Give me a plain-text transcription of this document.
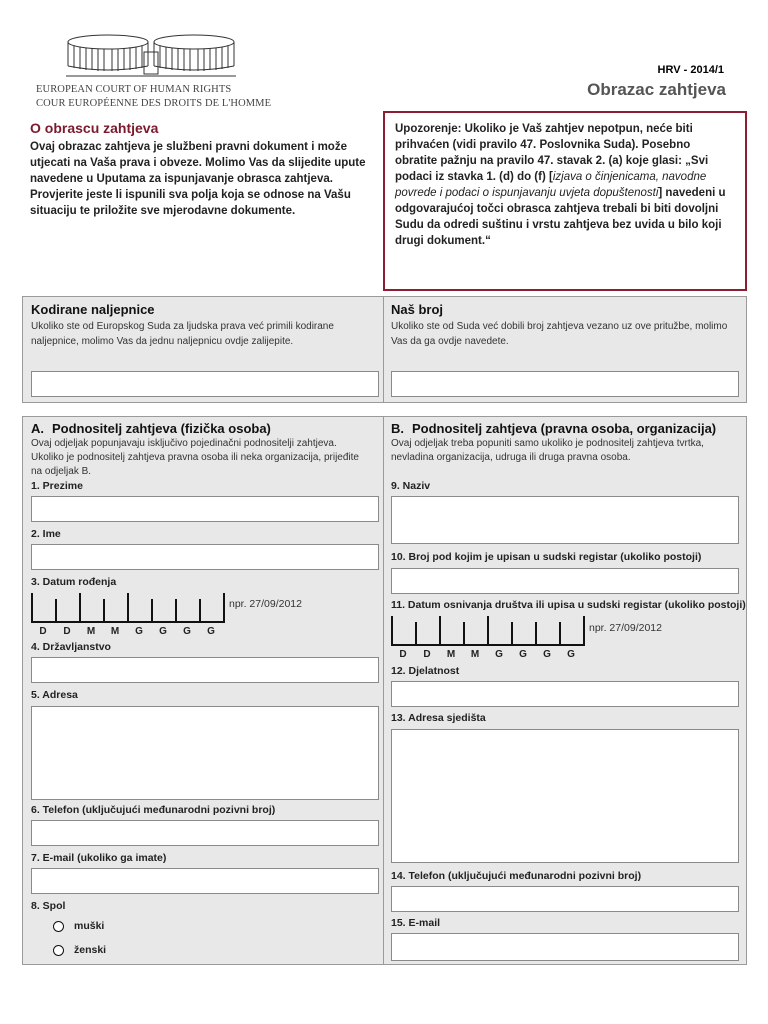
EUROPEAN COURT OF HUMAN RIGHTS
COUR EUROPÉENNE DES DROITS DE L'HOMME
HRV - 2014/1
Obrazac zahtjeva
O obrascu zahtjeva
Ovaj obrazac zahtjeva je službeni pravni dokument i može utjecati na Vaša prava i obveze. Molimo Vas da slijedite upute navedene u Uputama za ispunjavanje obrasca zahtjeva. Provjerite jeste li ispunili sva polja koja se odnose na Vašu situaciju te priložite sve mjerodavne dokumente.
Upozorenje: Ukoliko je Vaš zahtjev nepotpun, neće biti prihvaćen (vidi pravilo 47. Poslovnika Suda). Posebno obratite pažnju na pravilo 47. stavak 2. (a) koje glasi: „Svi podaci iz stavka 1. (d) do (f) [izjava o činjenicama, navodne povrede i podaci o ispunjavanju uvjeta dopuštenosti] navedeni u odgovarajućoj točci obrasca zahtjeva trebali bi biti dovoljni Sudu da odredi suštinu i vrstu zahtjeva bez uvida u bilo koji drugi dokument.“
Kodirane naljepnice
Ukoliko ste od Europskog Suda za ljudska prava već primili kodirane naljepnice, molimo Vas da jednu naljepnicu ovdje zalijepite.
Naš broj
Ukoliko ste od Suda već dobili broj zahtjeva vezano uz ove pritužbe, molimo Vas da ga ovdje navedete.
A. Podnositelj zahtjeva (fizička osoba)
Ovaj odjeljak popunjavaju isključivo pojedinačni podnositelji zahtjeva. Ukoliko je podnositelj zahtjeva pravna osoba ili neka organizacija, prijeđite na odjeljak B.
1. Prezime
2. Ime
3. Datum rođenja
D	D	M	M	G	G	G	G
npr. 27/09/2012
4. Državljanstvo
5. Adresa
6. Telefon (uključujući međunarodni pozivni broj)
7. E-mail (ukoliko ga imate)
8. Spol
muški
ženski
B. Podnositelj zahtjeva (pravna osoba, organizacija)
Ovaj odjeljak treba popuniti samo ukoliko je podnositelj zahtjeva tvrtka, nevladina organizacija, udruga ili druga pravna osoba.
9. Naziv
10. Broj pod kojim je upisan u sudski registar (ukoliko postoji)
11. Datum osnivanja društva ili upisa u sudski registar (ukoliko postoji)
D	D	M	M	G	G	G	G
npr. 27/09/2012
12. Djelatnost
13. Adresa sjedišta
14. Telefon (uključujući međunarodni pozivni broj)
15. E-mail
